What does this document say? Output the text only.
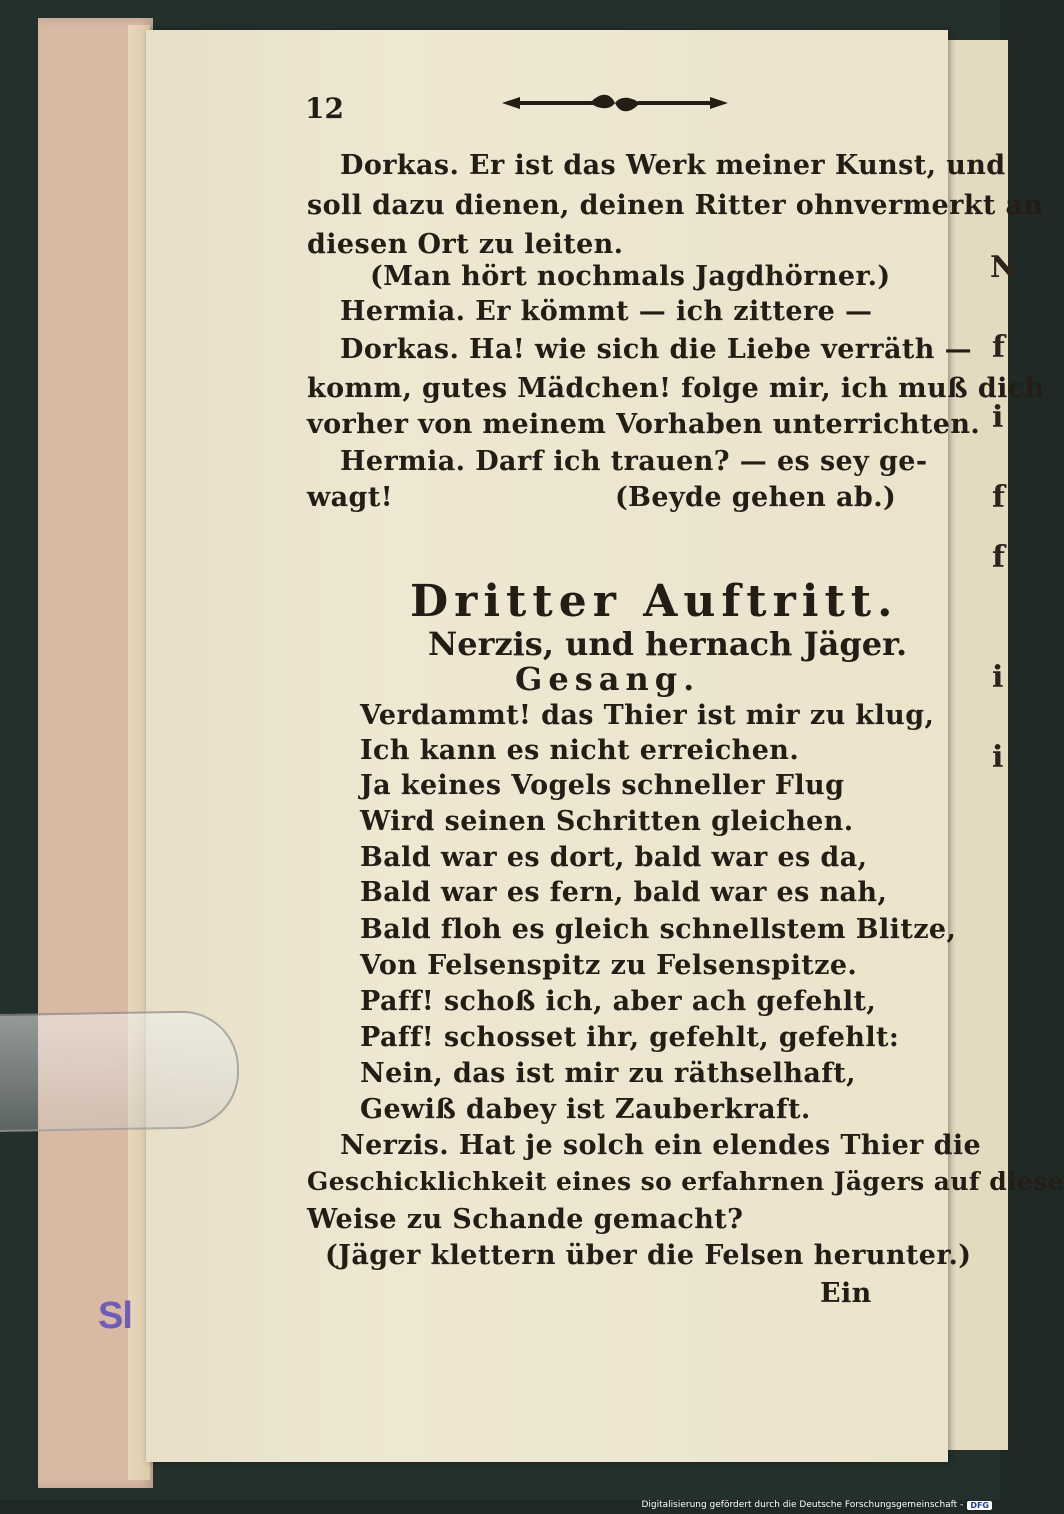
Sl
N
f
i
f
f
i
i
12
Dorkas. Er ist das Werk meiner Kunst, und
soll dazu dienen, deinen Ritter ohnvermerkt an
diesen Ort zu leiten.
(Man hört nochmals Jagdhörner.)
Hermia. Er kömmt — ich zittere —
Dorkas. Ha! wie sich die Liebe verräth —
komm, gutes Mädchen! folge mir, ich muß dich
vorher von meinem Vorhaben unterrichten.
Hermia. Darf ich trauen? — es sey ge-
wagt!	(Beyde gehen ab.)
Dritter Auftritt.
Nerzis, und hernach Jäger.
Gesang.
Verdammt! das Thier ist mir zu klug,
Ich kann es nicht erreichen.
Ja keines Vogels schneller Flug
Wird seinen Schritten gleichen.
Bald war es dort, bald war es da,
Bald war es fern, bald war es nah,
Bald floh es gleich schnellstem Blitze,
Von Felsenspitz zu Felsenspitze.
Paff! schoß ich, aber ach gefehlt,
Paff! schosset ihr, gefehlt, gefehlt:
Nein, das ist mir zu räthselhaft,
Gewiß dabey ist Zauberkraft.
Nerzis. Hat je solch ein elendes Thier die
Geschicklichkeit eines so erfahrnen Jägers auf diese
Weise zu Schande gemacht?
(Jäger klettern über die Felsen herunter.)
Ein
Digitalisierung gefördert durch die Deutsche Forschungsgemeinschaft - DFG
